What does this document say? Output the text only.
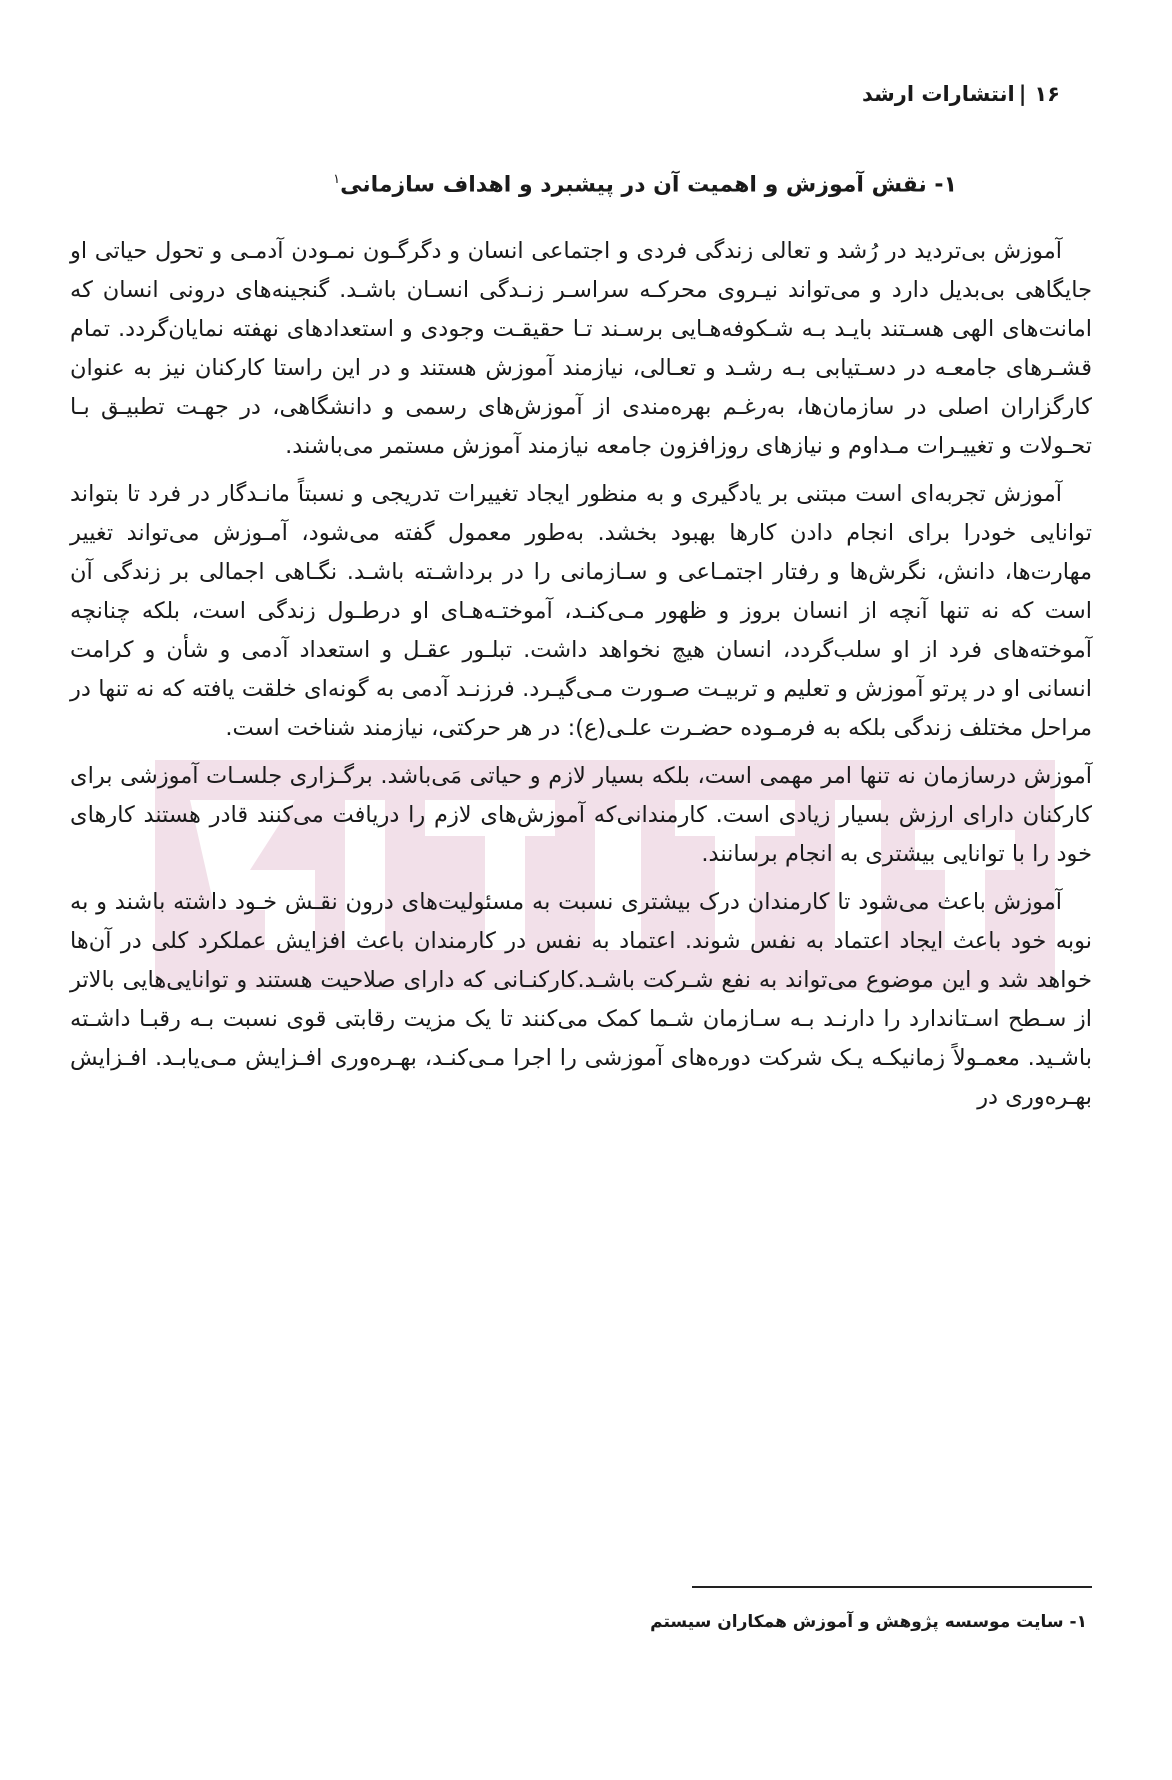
۱۶|انتشارات ارشد
۱- نقش آموزش و اهمیت آن در پیشبرد و اهداف سازمانی$^۱$

آموزش بی‌تردید در رُشد و تعالی زندگی فردی و اجتماعی انسان و دگرگـون نمـودن آدمـی و تحول حیاتی او جایگاهی بی‌بدیل دارد و می‌تواند نیـروی محرکـه سراسـر زنـدگی انسـان باشـد. گنجینه‌های درونی انسان که امانت‌های الهی هسـتند بایـد بـه شـکوفه‌هـایی برسـند تـا حقیقـت وجودی و استعدادهای نهفته نمایان‌گردد. تمام قشـرهای جامعـه در دسـتیابی بـه رشـد و تعـالی، نیازمند آموزش هستند و در این راستا کارکنان نیز به عنوان کارگزاران اصلی در سازمان‌ها، به‌رغـم بهره‌مندی از آموزش‌های رسمی و دانشگاهی، در جهـت تطبیـق بـا تحـولات و تغییـرات مـداوم و نیازهای روزافزون جامعه نیازمند آموزش مستمر می‌باشند.

آموزش تجربه‌ای است مبتنی بر یادگیری و به منظور ایجاد تغییرات تدریجی و نسبتاً مانـدگار در فرد تا بتواند توانایی خودرا برای انجام دادن کارها بهبود بخشد. به‌طور معمول گفته می‌شود، آمـوزش می‌تواند تغییر مهارت‌ها، دانش، نگرش‌ها و رفتار اجتمـاعی و سـازمانی را در برداشـته باشـد. نگـاهی اجمالی بر زندگی آن است که نه تنها آنچه از انسان بروز و ظهور مـی‌کنـد، آموختـه‌هـای او درطـول زندگی است، بلکه چنانچه آموخته‌های فرد از او سلب‌گردد، انسان هیچ نخواهد داشت. تبلـور عقـل و استعداد آدمی و شأن و کرامت انسانی او در پرتو آموزش و تعلیم و تربیـت صـورت مـی‌گیـرد. فرزنـد آدمی به گونه‌ای خلقت یافته که نه تنها در مراحل مختلف زندگی بلکه به فرمـوده حضـرت علـی(ع): در هر حرکتی، نیازمند شناخت است.

آموزش درسازمان نه تنها امر مهمی است، بلکه بسیار لازم و حیاتی مَی‌باشد. برگـزاری جلسـات آموزشی برای کارکنان دارای ارزش بسیار زیادی است. کارمندانی‌که آموزش‌های لازم را دریافت می‌کنند قادر هستند کارهای خود را با توانایی بیشتری به انجام برسانند.

آموزش باعث می‌شود تا کارمندان درک بیشتری نسبت به مسئولیت‌های درون نقـش خـود داشته باشند و به نوبه خود باعث ایجاد اعتماد به نفس شوند. اعتماد به نفس در کارمندان باعث افزایش عملکرد کلی در آن‌ها خواهد شد و این موضوع می‌تواند به نفع شـرکت باشـد.کارکنـانی که دارای صلاحیت هستند و توانایی‌هایی بالاتر از سـطح اسـتاندارد را دارنـد بـه سـازمان شـما کمک می‌کنند تا یک مزیت رقابتی قوی نسبت بـه رقبـا داشـته باشـید. معمـولاً زمانیکـه یـک شرکت دوره‌های آموزشی را اجرا مـی‌کنـد، بهـره‌وری افـزایش مـی‌یابـد. افـزایش بهـره‌وری در

۱- سایت موسسه پژوهش و آموزش همکاران سیستم
